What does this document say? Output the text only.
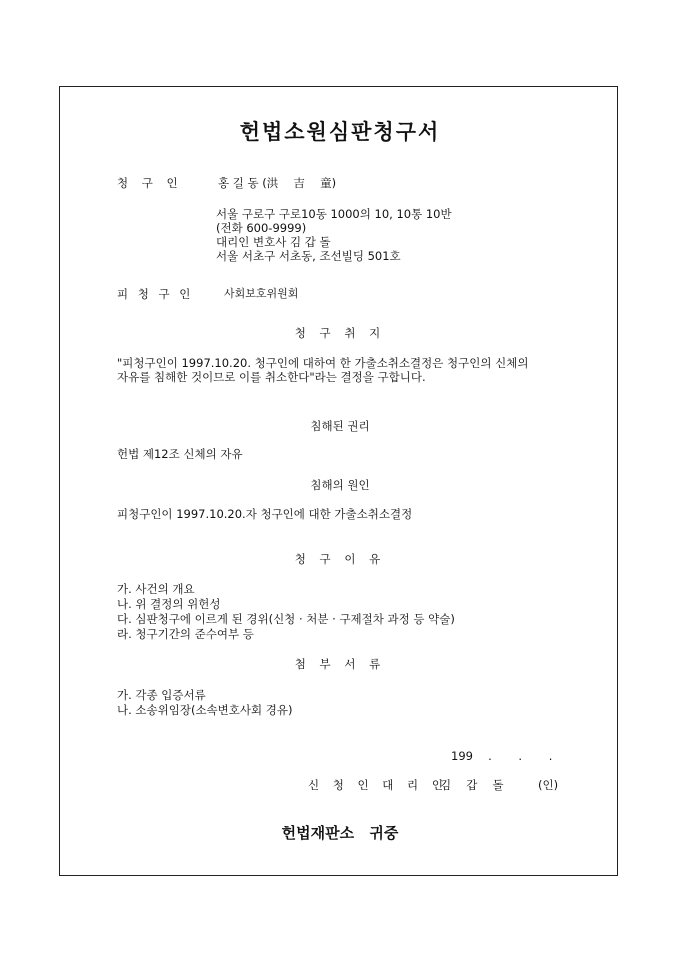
헌법소원심판청구서
청 구 인	홍 길 동 (洪　 吉　 童)
서울 구로구 구로10동 1000의 10, 10통 10반
(전화 600-9999)
대리인 변호사 김 갑 돌
서울 서초구 서초동, 조선빌딩 501호
피 청 구 인	사회보호위원회
청 구 취 지
"피청구인이 1997.10.20. 청구인에 대하여 한 가출소취소결정은 청구인의 신체의
자유를 침해한 것이므로 이를 취소한다"라는 결정을 구합니다.
침해된 권리
헌법 제12조 신체의 자유
침해의 원인
피청구인이 1997.10.20.자 청구인에 대한 가출소취소결정
청 구 이 유
가. 사건의 개요
나. 위 결정의 위헌성
다. 심판청구에 이르게 된 경위(신청 · 처분 · 구제절차 과정 등 약술)
라. 청구기간의 준수여부 등
첨 부 서 류
가. 각종 입증서류
나. 소송위임장(소속변호사회 경유)
199　 .　　 .　　 .
신 청 인 대 리 인
김　 갑　 돌	(인)
헌법재판소 귀중
